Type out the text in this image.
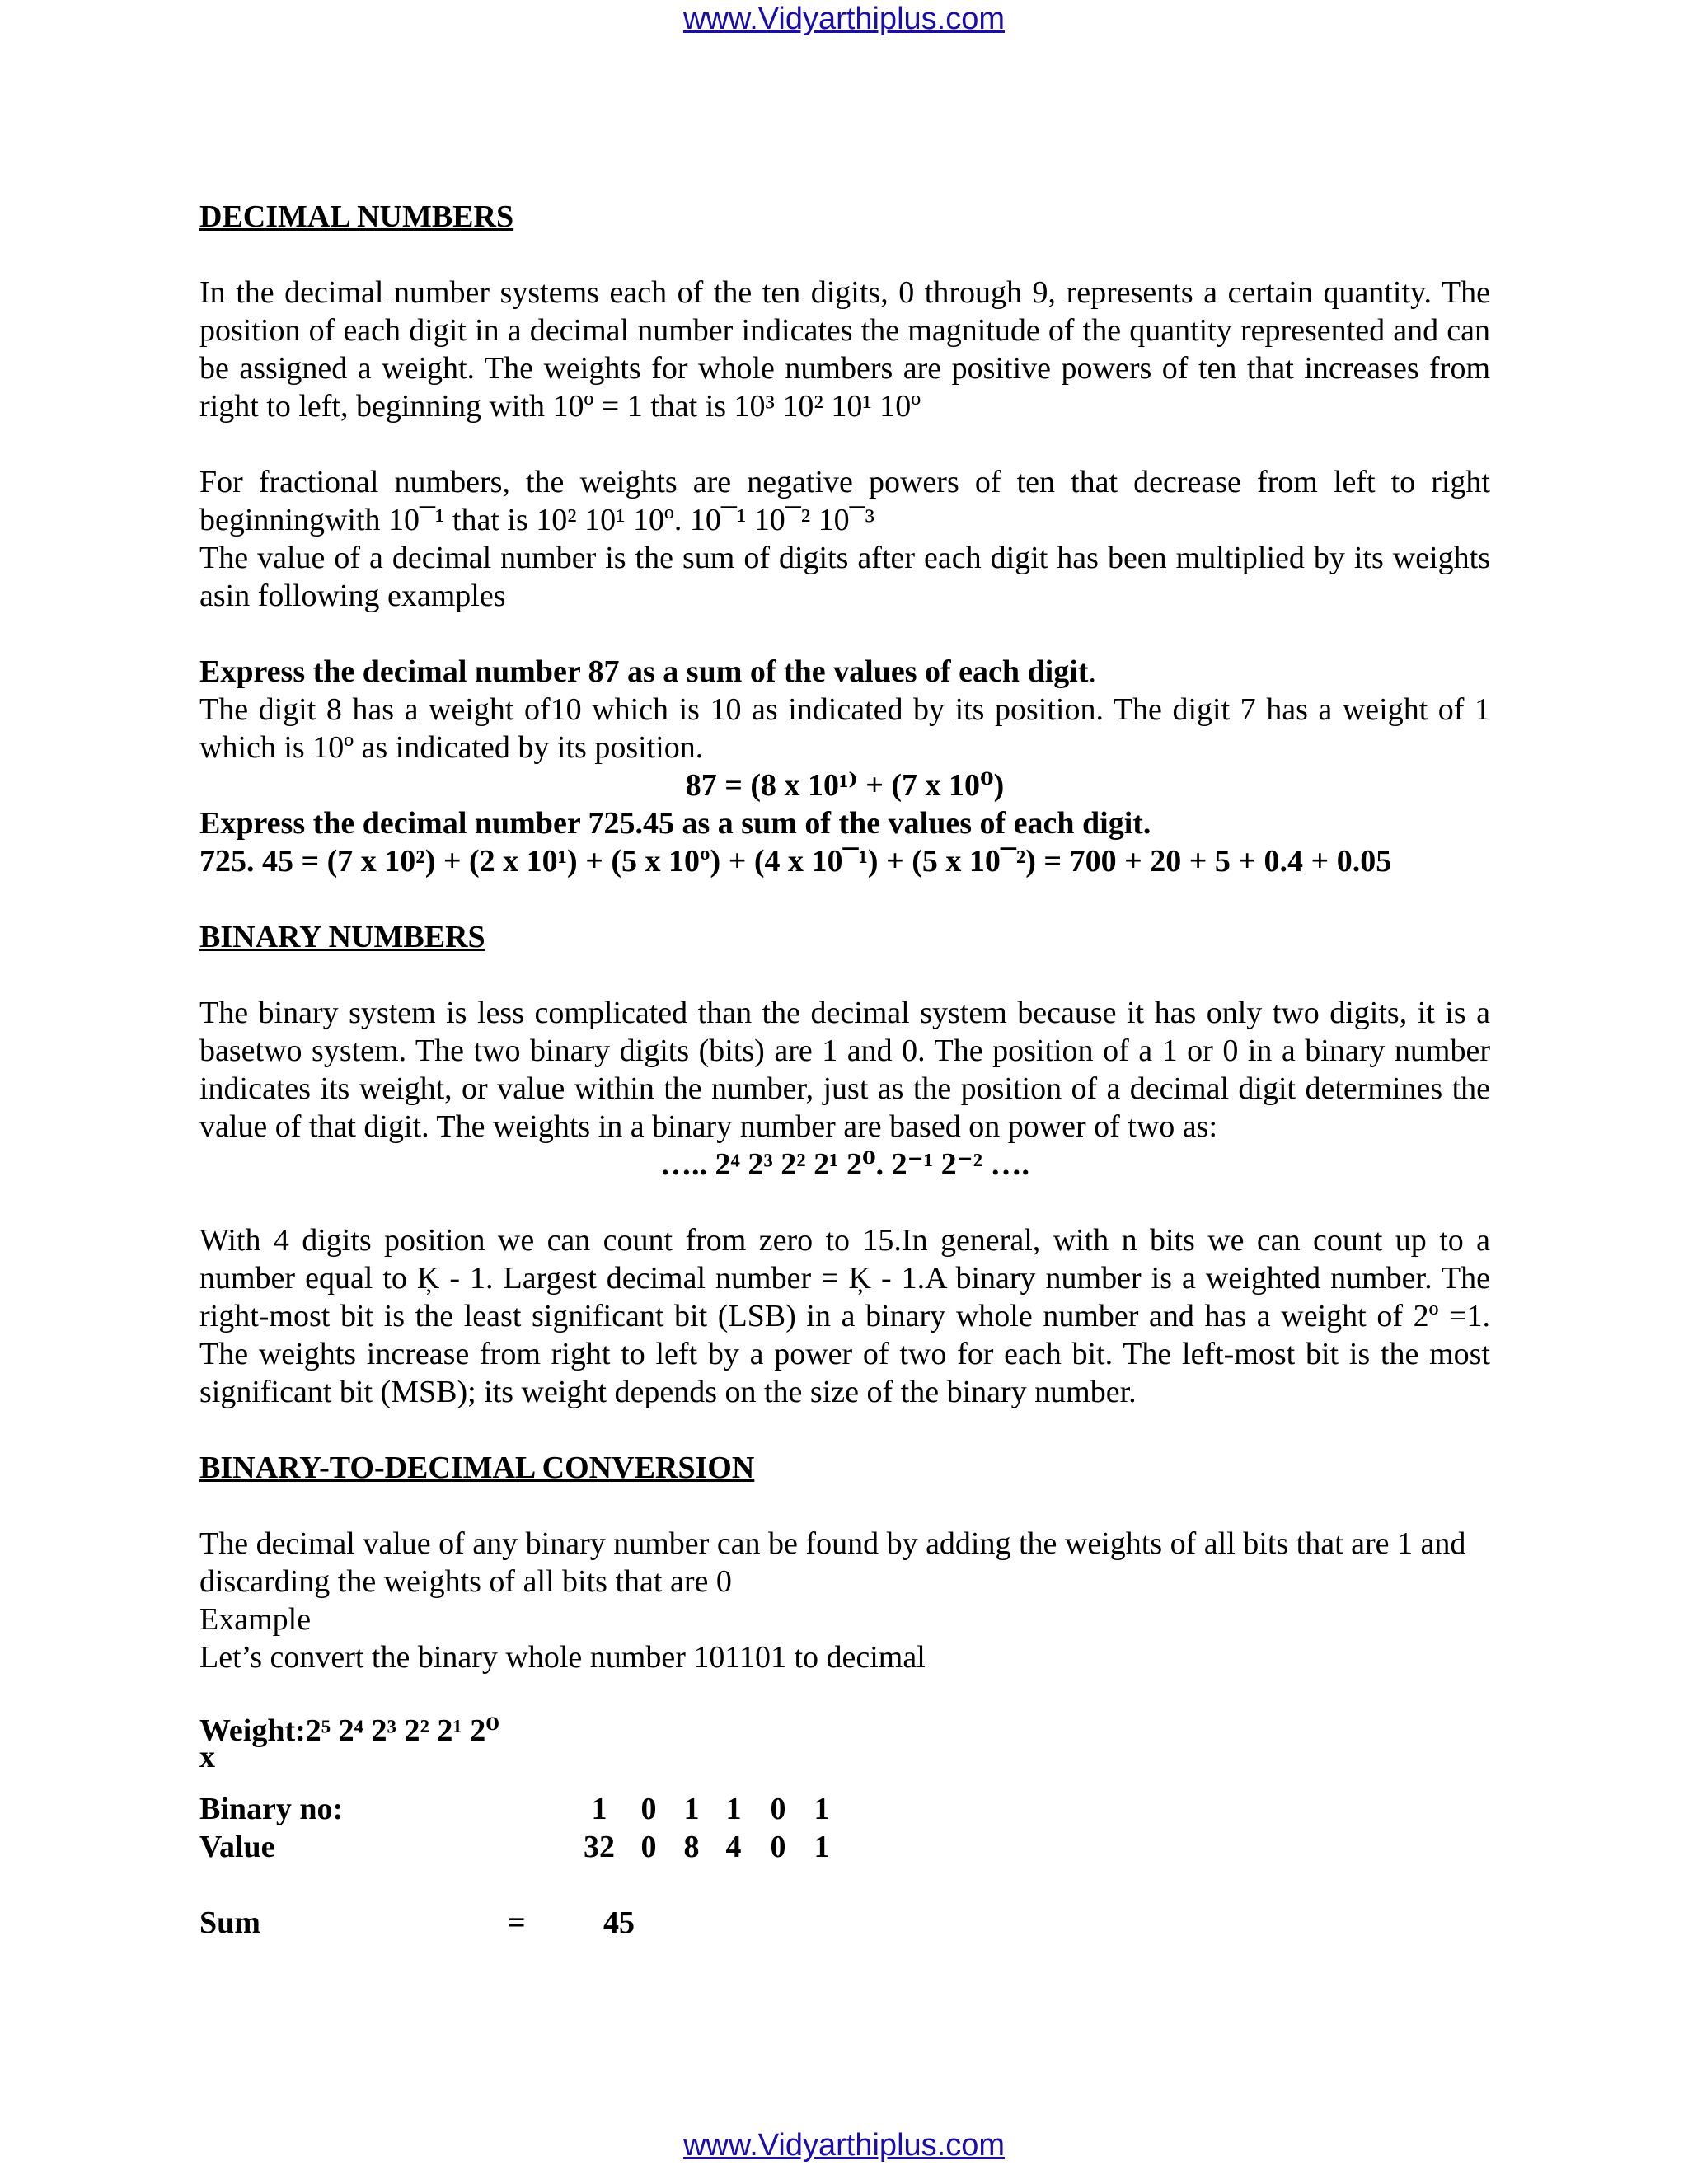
www.Vidyarthiplus.com
DECIMAL NUMBERS

In the decimal number systems each of the ten digits, 0 through 9, represents a certain quantity. The position of each digit in a decimal number indicates the magnitude of the quantity represented and can be assigned a weight. The weights for whole numbers are positive powers of ten that increases from right to left, beginning with 10º = 1 that is 10³ 10² 10¹ 10º

For fractional numbers, the weights are negative powers of ten that decrease from left to right beginningwith 10¯¹ that is 10² 10¹ 10º. 10¯¹ 10¯² 10¯³

The value of a decimal number is the sum of digits after each digit has been multiplied by its weights asin following examples

Express the decimal number 87 as a sum of the values of each digit.

The digit 8 has a weight of10 which is 10 as indicated by its position. The digit 7 has a weight of 1 which is 10º as indicated by its position.

87 = (8 x 10¹⁾ + (7 x 10⁰)

Express the decimal number 725.45 as a sum of the values of each digit.

725. 45 = (7 x 10²) + (2 x 10¹) + (5 x 10º) + (4 x 10¯¹) + (5 x 10¯²) = 700 + 20 + 5 + 0.4 + 0.05

BINARY NUMBERS

The binary system is less complicated than the decimal system because it has only two digits, it is a basetwo system. The two binary digits (bits) are 1 and 0. The position of a 1 or 0 in a binary number indicates its weight, or value within the number, just as the position of a decimal digit determines the value of that digit. The weights in a binary number are based on power of two as:

….. 2⁴ 2³ 2² 2¹ 2⁰. 2⁻¹ 2⁻² ….

With 4 digits position we can count from zero to 15.In general, with n bits we can count up to a number equal to Ķ - 1. Largest decimal number = Ķ - 1.A binary number is a weighted number. The right-most bit is the least significant bit (LSB) in a binary whole number and has a weight of 2º =1. The weights increase from right to left by a power of two for each bit. The left-most bit is the most significant bit (MSB); its weight depends on the size of the binary number.

BINARY-TO-DECIMAL CONVERSION

The decimal value of any binary number can be found by adding the weights of all bits that are 1 and discarding the weights of all bits that are 0

Example

Let’s convert the binary whole number 101101 to decimal

Weight:2⁵ 2⁴ 2³ 2² 2¹ 2⁰
x
Binary no:	1	0 1 1 0 1
Value	32 0 8 4 0 1
Sum	=	45
www.Vidyarthiplus.com
